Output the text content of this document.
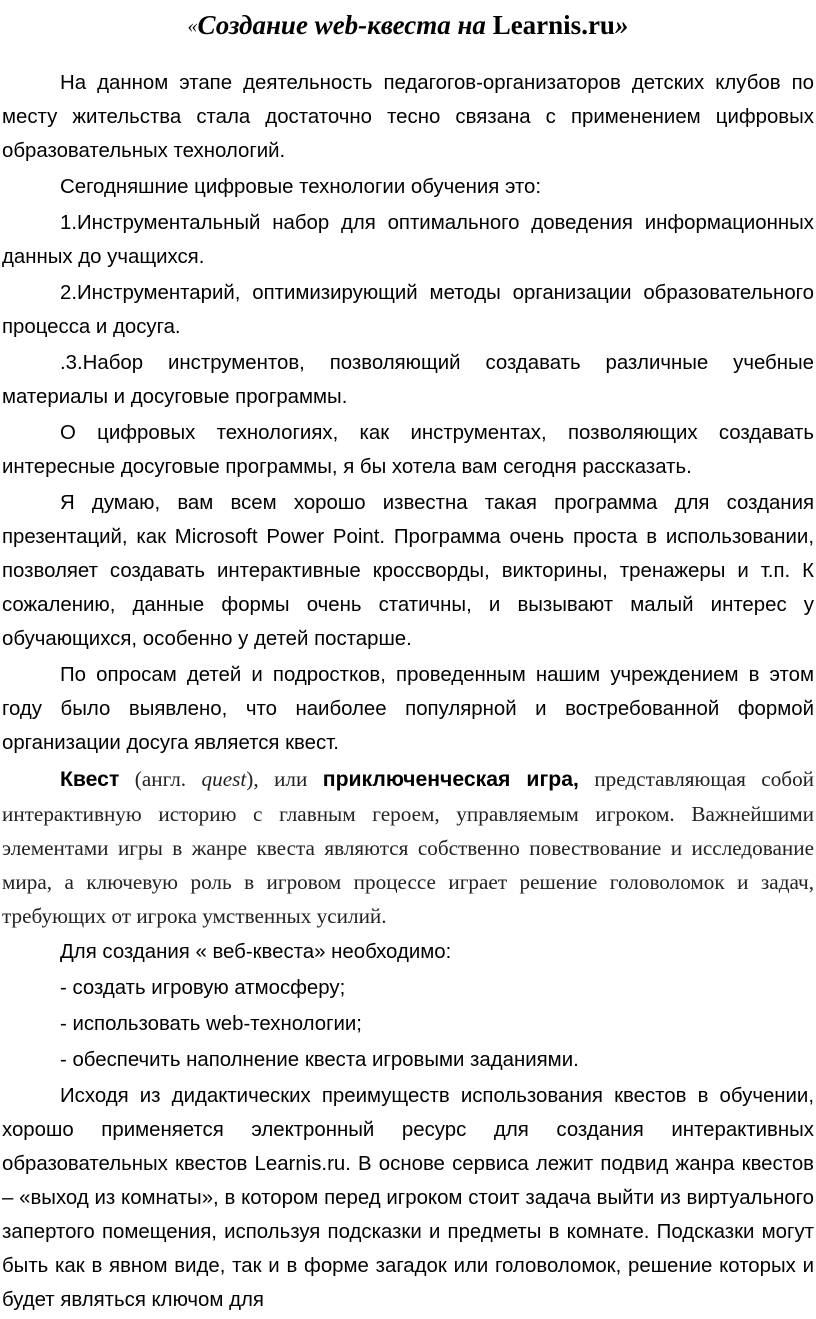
«Создание web-квеста на Learnis.ru»

На данном этапе деятельность педагогов-организаторов детских клубов по месту жительства стала достаточно тесно связана с применением цифровых образовательных технологий.

Сегодняшние цифровые технологии обучения это:

1.Инструментальный набор для оптимального доведения информационных данных до учащихся.

2.Инструментарий, оптимизирующий методы организации образовательного процесса и досуга.

.3.Набор инструментов, позволяющий создавать различные учебные материалы и досуговые программы.

О цифровых технологиях, как инструментах, позволяющих создавать интересные досуговые программы, я бы хотела вам сегодня рассказать.

Я думаю, вам всем хорошо известна такая программа для создания презентаций, как Microsoft Power Point. Программа очень проста в использовании, позволяет создавать интерактивные кроссворды, викторины, тренажеры и т.п. К сожалению, данные формы очень статичны, и вызывают малый интерес у обучающихся, особенно у детей постарше.

По опросам детей и подростков, проведенным нашим учреждением в этом году было выявлено, что наиболее популярной и востребованной формой организации досуга является квест.

Квест (англ. quest), или приключенческая игра, представляющая собой интерактивную историю с главным героем, управляемым игроком. Важнейшими элементами игры в жанре квеста являются собственно повествование и исследование мира, а ключевую роль в игровом процессе играет решение головоломок и задач, требующих от игрока умственных усилий.

Для создания « веб-квеста» необходимо:

- создать игровую атмосферу;

- использовать web-технологии;

- обеспечить наполнение квеста игровыми заданиями.

Исходя из дидактических преимуществ использования квестов в обучении, хорошо применяется электронный ресурс для создания интерактивных образовательных квестов Learnis.ru. В основе сервиса лежит подвид жанра квестов – «выход из комнаты», в котором перед игроком стоит задача выйти из виртуального запертого помещения, используя подсказки и предметы в комнате. Подсказки могут быть как в явном виде, так и в форме загадок или головоломок, решение которых и будет являться ключом для
